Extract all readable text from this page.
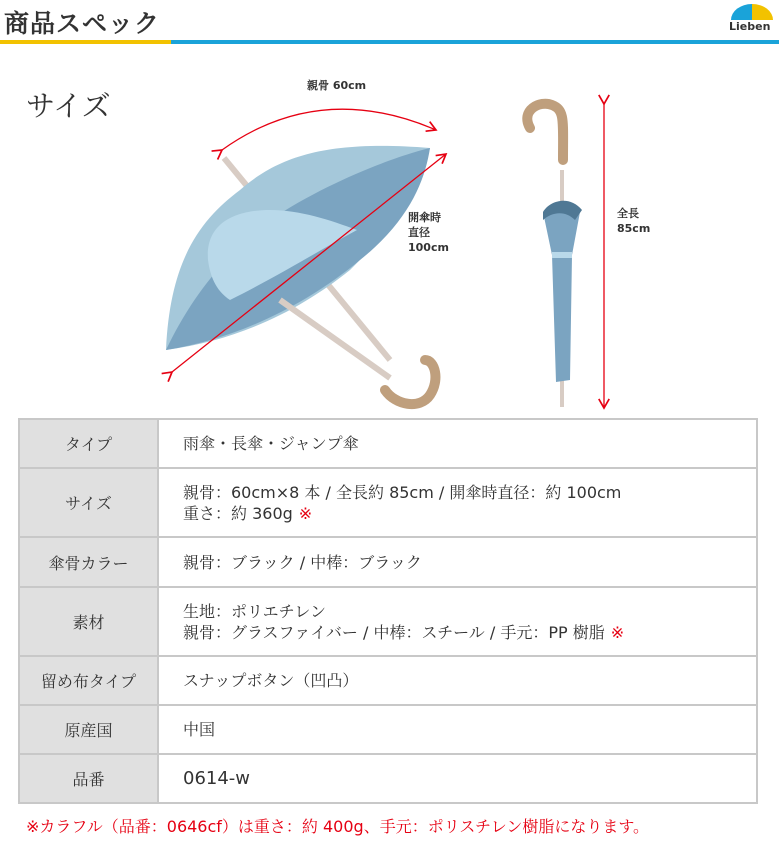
商品スペック	Lieben
サイズ
親骨 60cm
開傘時
直径
100cm
全長
85cm
タイプ	雨傘・長傘・ジャンプ傘
サイズ	親骨：60cm×8 本 / 全長約 85cm / 開傘時直径：約 100cm
重さ：約 360g ※

傘骨カラー	親骨：ブラック / 中棒：ブラック
素材	生地：ポリエチレン
親骨：グラスファイバー / 中棒：スチール / 手元：PP 樹脂 ※

留め布タイプ	スナップボタン（凹凸）
原産国	中国
品番	0614-w
※カラフル（品番：0646cf）は重さ：約 400g、手元：ポリスチレン樹脂になります。
